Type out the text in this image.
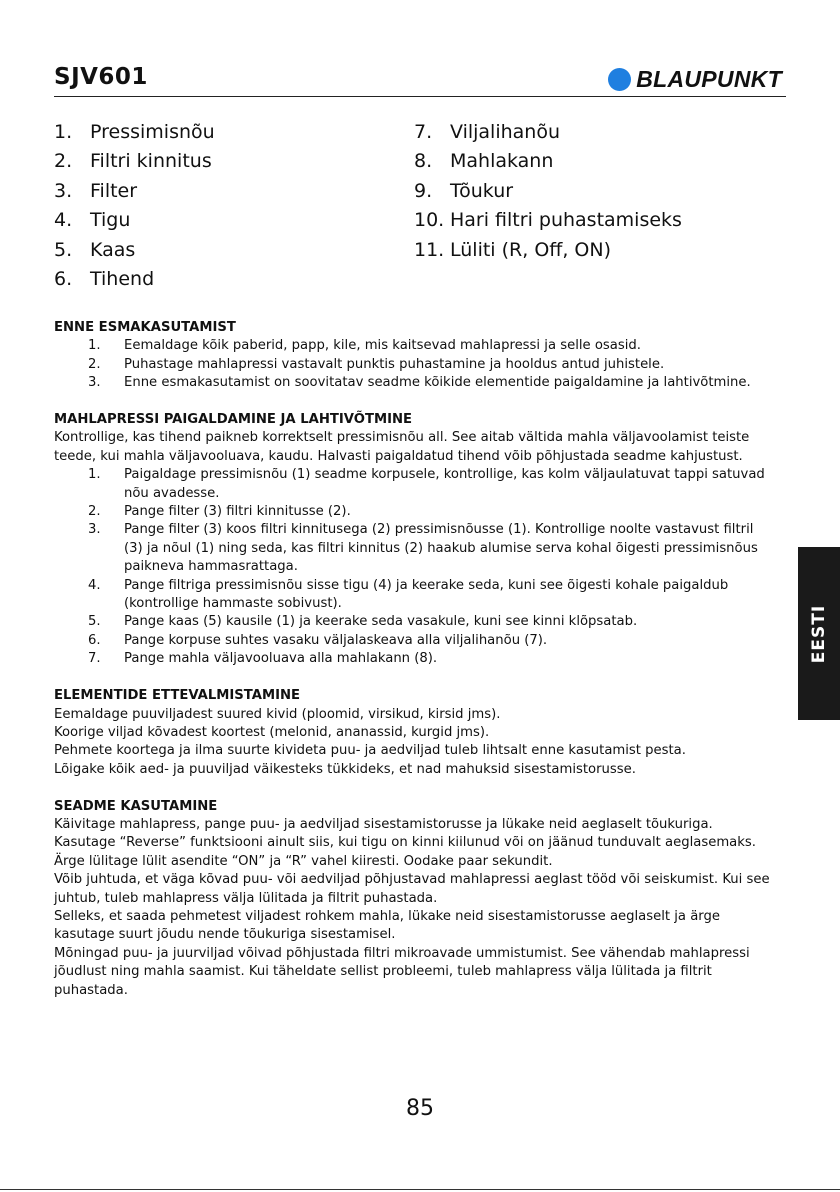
SJV601	BLAUPUNKT
1. Pressimisnõu
2. Filtri kinnitus
3. Filter
4. Tigu
5. Kaas
6. Tihend
7. Viljalihanõu
8. Mahlakann
9. Tõukur
10. Hari filtri puhastamiseks
11. Lüliti (R, Off, ON)

ENNE ESMAKASUTAMIST

1.	Eemaldage kõik paberid, papp, kile, mis kaitsevad mahlapressi ja selle osasid.
2.	Puhastage mahlapressi vastavalt punktis puhastamine ja hooldus antud juhistele.
3.	Enne esmakasutamist on soovitatav seadme kõikide elementide paigaldamine ja lahtivõtmine.

MAHLAPRESSI PAIGALDAMINE JA LAHTIVÕTMINE

Kontrollige, kas tihend paikneb korrektselt pressimisnõu all. See aitab vältida mahla väljavoolamist teiste teede, kui mahla väljavooluava, kaudu. Halvasti paigaldatud tihend võib põhjustada seadme kahjustust.

1.	Paigaldage pressimisnõu (1) seadme korpusele, kontrollige, kas kolm väljaulatuvat tappi satuvad nõu avadesse.
2.	Pange filter (3) filtri kinnitusse (2).
3.	Pange filter (3) koos filtri kinnitusega (2) pressimisnõusse (1). Kontrollige noolte vastavust filtril (3) ja nõul (1) ning seda, kas filtri kinnitus (2) haakub alumise serva kohal õigesti pressimisnõus paikneva hammasrattaga.
4.	Pange filtriga pressimisnõu sisse tigu (4) ja keerake seda, kuni see õigesti kohale paigaldub (kontrollige hammaste sobivust).
5.	Pange kaas (5) kausile (1) ja keerake seda vasakule, kuni see kinni klõpsatab.
6.	Pange korpuse suhtes vasaku väljalaskeava alla viljalihanõu (7).
7.	Pange mahla väljavooluava alla mahlakann (8).

ELEMENTIDE ETTEVALMISTAMINE

Eemaldage puuviljadest suured kivid (ploomid, virsikud, kirsid jms).

Koorige viljad kõvadest koortest (melonid, ananassid, kurgid jms).

Pehmete koortega ja ilma suurte kivideta puu- ja aedviljad tuleb lihtsalt enne kasutamist pesta.

Lõigake kõik aed- ja puuviljad väikesteks tükkideks, et nad mahuksid sisestamistorusse.

SEADME KASUTAMINE

Käivitage mahlapress, pange puu- ja aedviljad sisestamistorusse ja lükake neid aeglaselt tõukuriga.

Kasutage “Reverse” funktsiooni ainult siis, kui tigu on kinni kiilunud või on jäänud tunduvalt aeglasemaks. Ärge lülitage lülit asendite “ON” ja “R” vahel kiiresti. Oodake paar sekundit.

Võib juhtuda, et väga kõvad puu- või aedviljad põhjustavad mahlapressi aeglast tööd või seiskumist. Kui see juhtub, tuleb mahlapress välja lülitada ja filtrit puhastada.

Selleks, et saada pehmetest viljadest rohkem mahla, lükake neid sisestamistorusse aeglaselt ja ärge kasutage suurt jõudu nende tõukuriga sisestamisel.

Mõningad puu- ja juurviljad võivad põhjustada filtri mikroavade ummistumist. See vähendab mahlapressi jõudlust ning mahla saamist. Kui täheldate sellist probleemi, tuleb mahlapress välja lülitada ja filtrit puhastada.

EESTI
85
